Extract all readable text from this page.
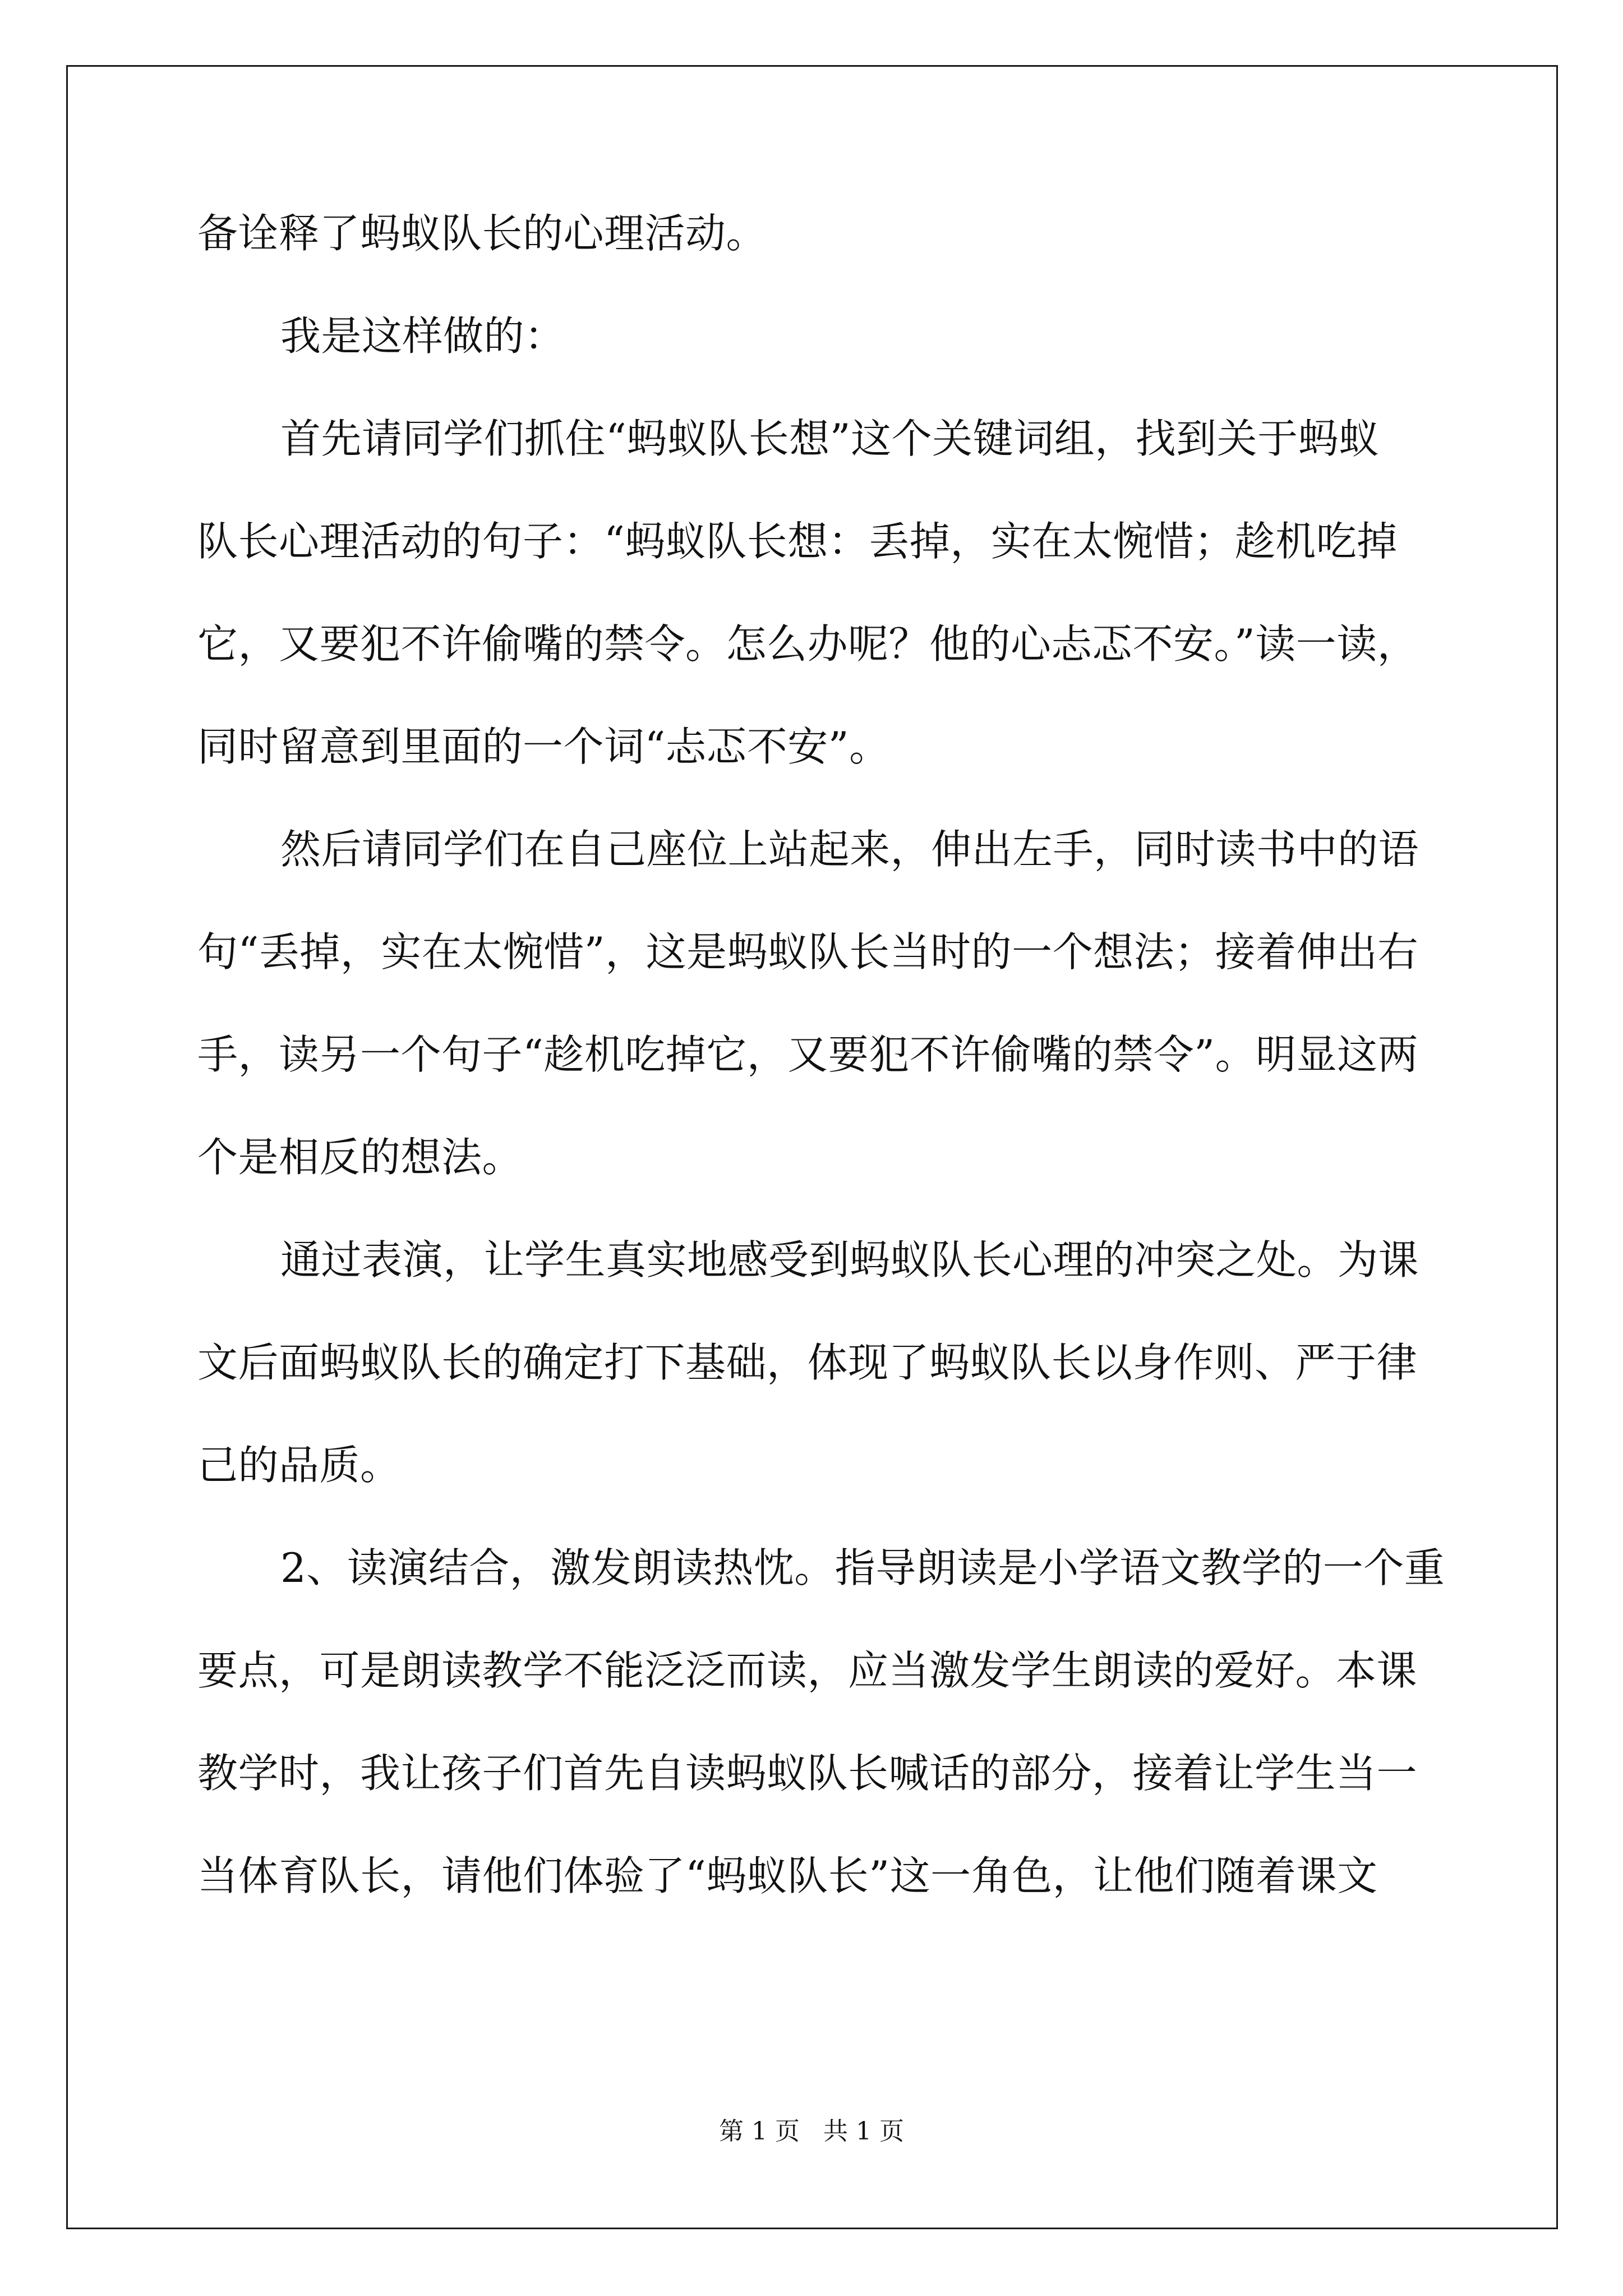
备诠释了蚂蚁队长的心理活动。
我是这样做的：
首先请同学们抓住“蚂蚁队长想”这个关键词组，找到关于蚂蚁
队长心理活动的句子：“蚂蚁队长想：丢掉，实在太惋惜；趁机吃掉
它，又要犯不许偷嘴的禁令。怎么办呢？他的心忐忑不安。”读一读，
同时留意到里面的一个词“忐忑不安”。
然后请同学们在自己座位上站起来，伸出左手，同时读书中的语
句“丢掉，实在太惋惜”，这是蚂蚁队长当时的一个想法；接着伸出右
手，读另一个句子“趁机吃掉它，又要犯不许偷嘴的禁令”。明显这两
个是相反的想法。
通过表演，让学生真实地感受到蚂蚁队长心理的冲突之处。为课
文后面蚂蚁队长的确定打下基础，体现了蚂蚁队长以身作则、严于律
己的品质。
2、读演结合，激发朗读热忱。指导朗读是小学语文教学的一个重
要点，可是朗读教学不能泛泛而读，应当激发学生朗读的爱好。本课
教学时，我让孩子们首先自读蚂蚁队长喊话的部分，接着让学生当一
当体育队长，请他们体验了“蚂蚁队长”这一角色，让他们随着课文
第 1 页   共 1 页
